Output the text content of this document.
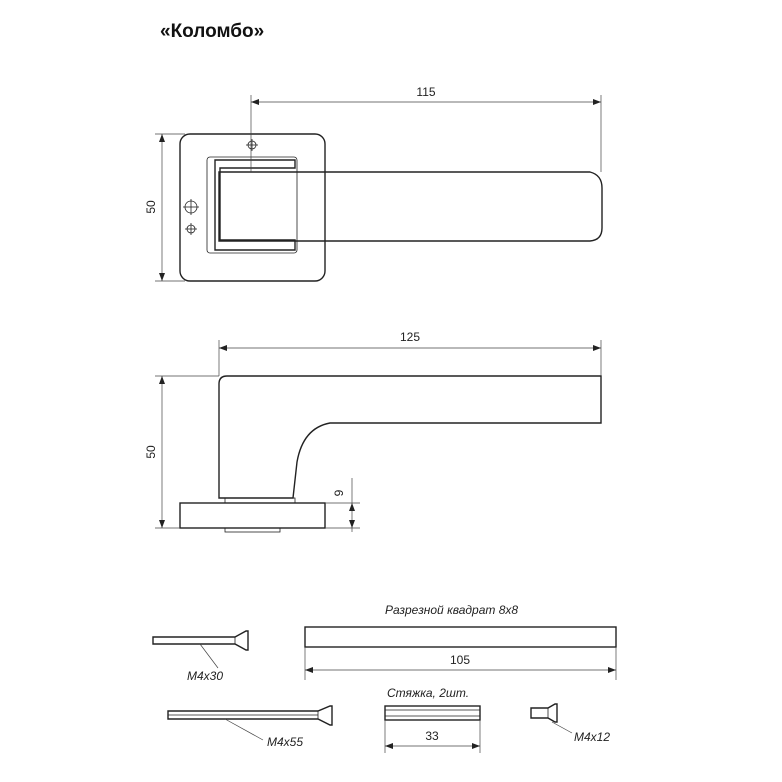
«Коломбо»
115
50
125
50
9
M4x30
Разрезной квадрат 8x8
105
M4x55
Стяжка, 2шт.
33	M4x12
